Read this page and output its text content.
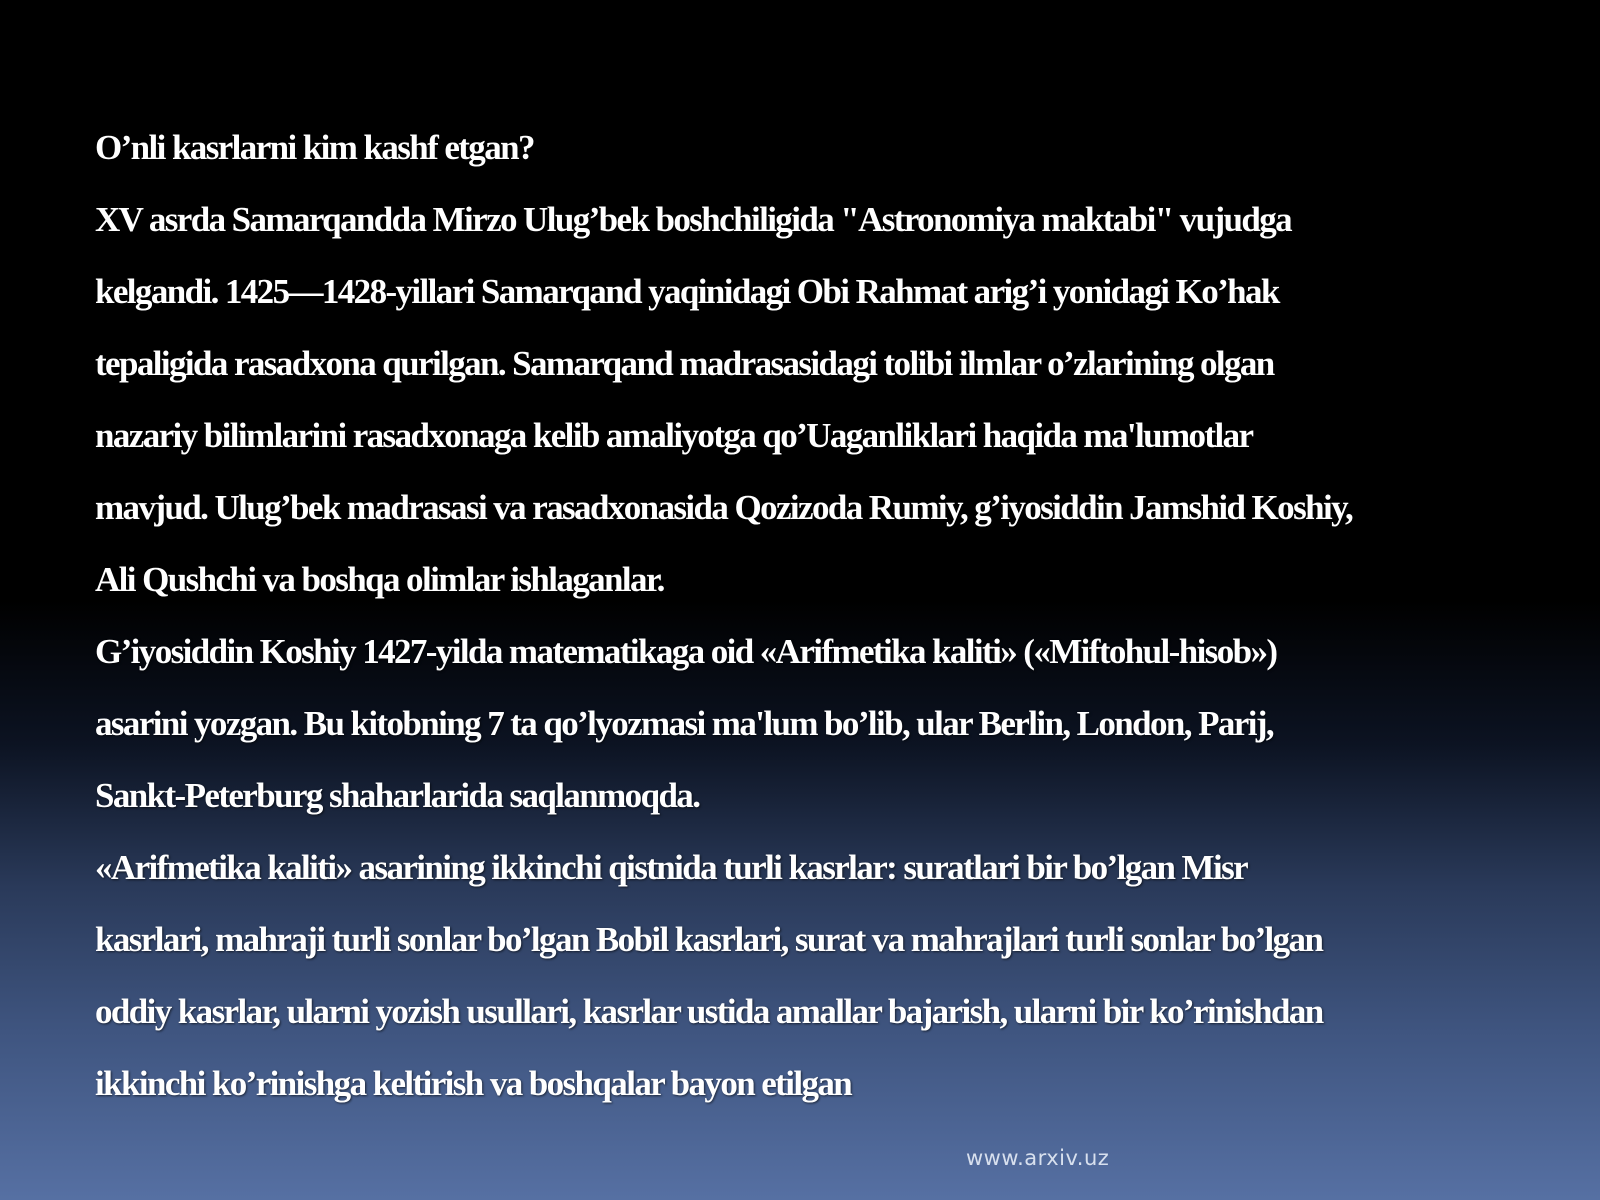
O’nli kasrlarni kim kashf etgan?
XV asrda Samarqandda Mirzo Ulug’bek boshchiligida "Astronomiya maktabi" vujudga
kelgandi. 1425—1428-yillari Samarqand yaqinidagi Obi Rahmat arig’i yonidagi Ko’hak
tepaligida rasadxona qurilgan. Samarqand madrasasidagi tolibi ilmlar o’zlarining olgan
nazariy bilimlarini rasadxonaga kelib amaliyotga qo’Uaganliklari haqida ma'lumotlar
mavjud. Ulug’bek madrasasi va rasadxonasida Qozizoda Rumiy, g’iyosiddin Jamshid Koshiy,
Ali Qushchi va boshqa olimlar ishlaganlar.
G’iyosiddin Koshiy 1427-yilda matematikaga oid «Arifmetika kaliti» («Miftohul-hisob»)
asarini yozgan. Bu kitobning 7 ta qo’lyozmasi ma'lum bo’lib, ular Berlin, London, Parij,
Sankt-Peterburg shaharlarida saqlanmoqda.
«Arifmetika kaliti» asarining ikkinchi qistnida turli kasrlar: suratlari bir bo’lgan Misr
kasrlari, mahraji turli sonlar bo’lgan Bobil kasrlari, surat va mahrajlari turli sonlar bo’lgan
oddiy kasrlar, ularni yozish usullari, kasrlar ustida amallar bajarish, ularni bir ko’rinishdan
ikkinchi ko’rinishga keltirish va boshqalar bayon etilgan
www.arxiv.uz
